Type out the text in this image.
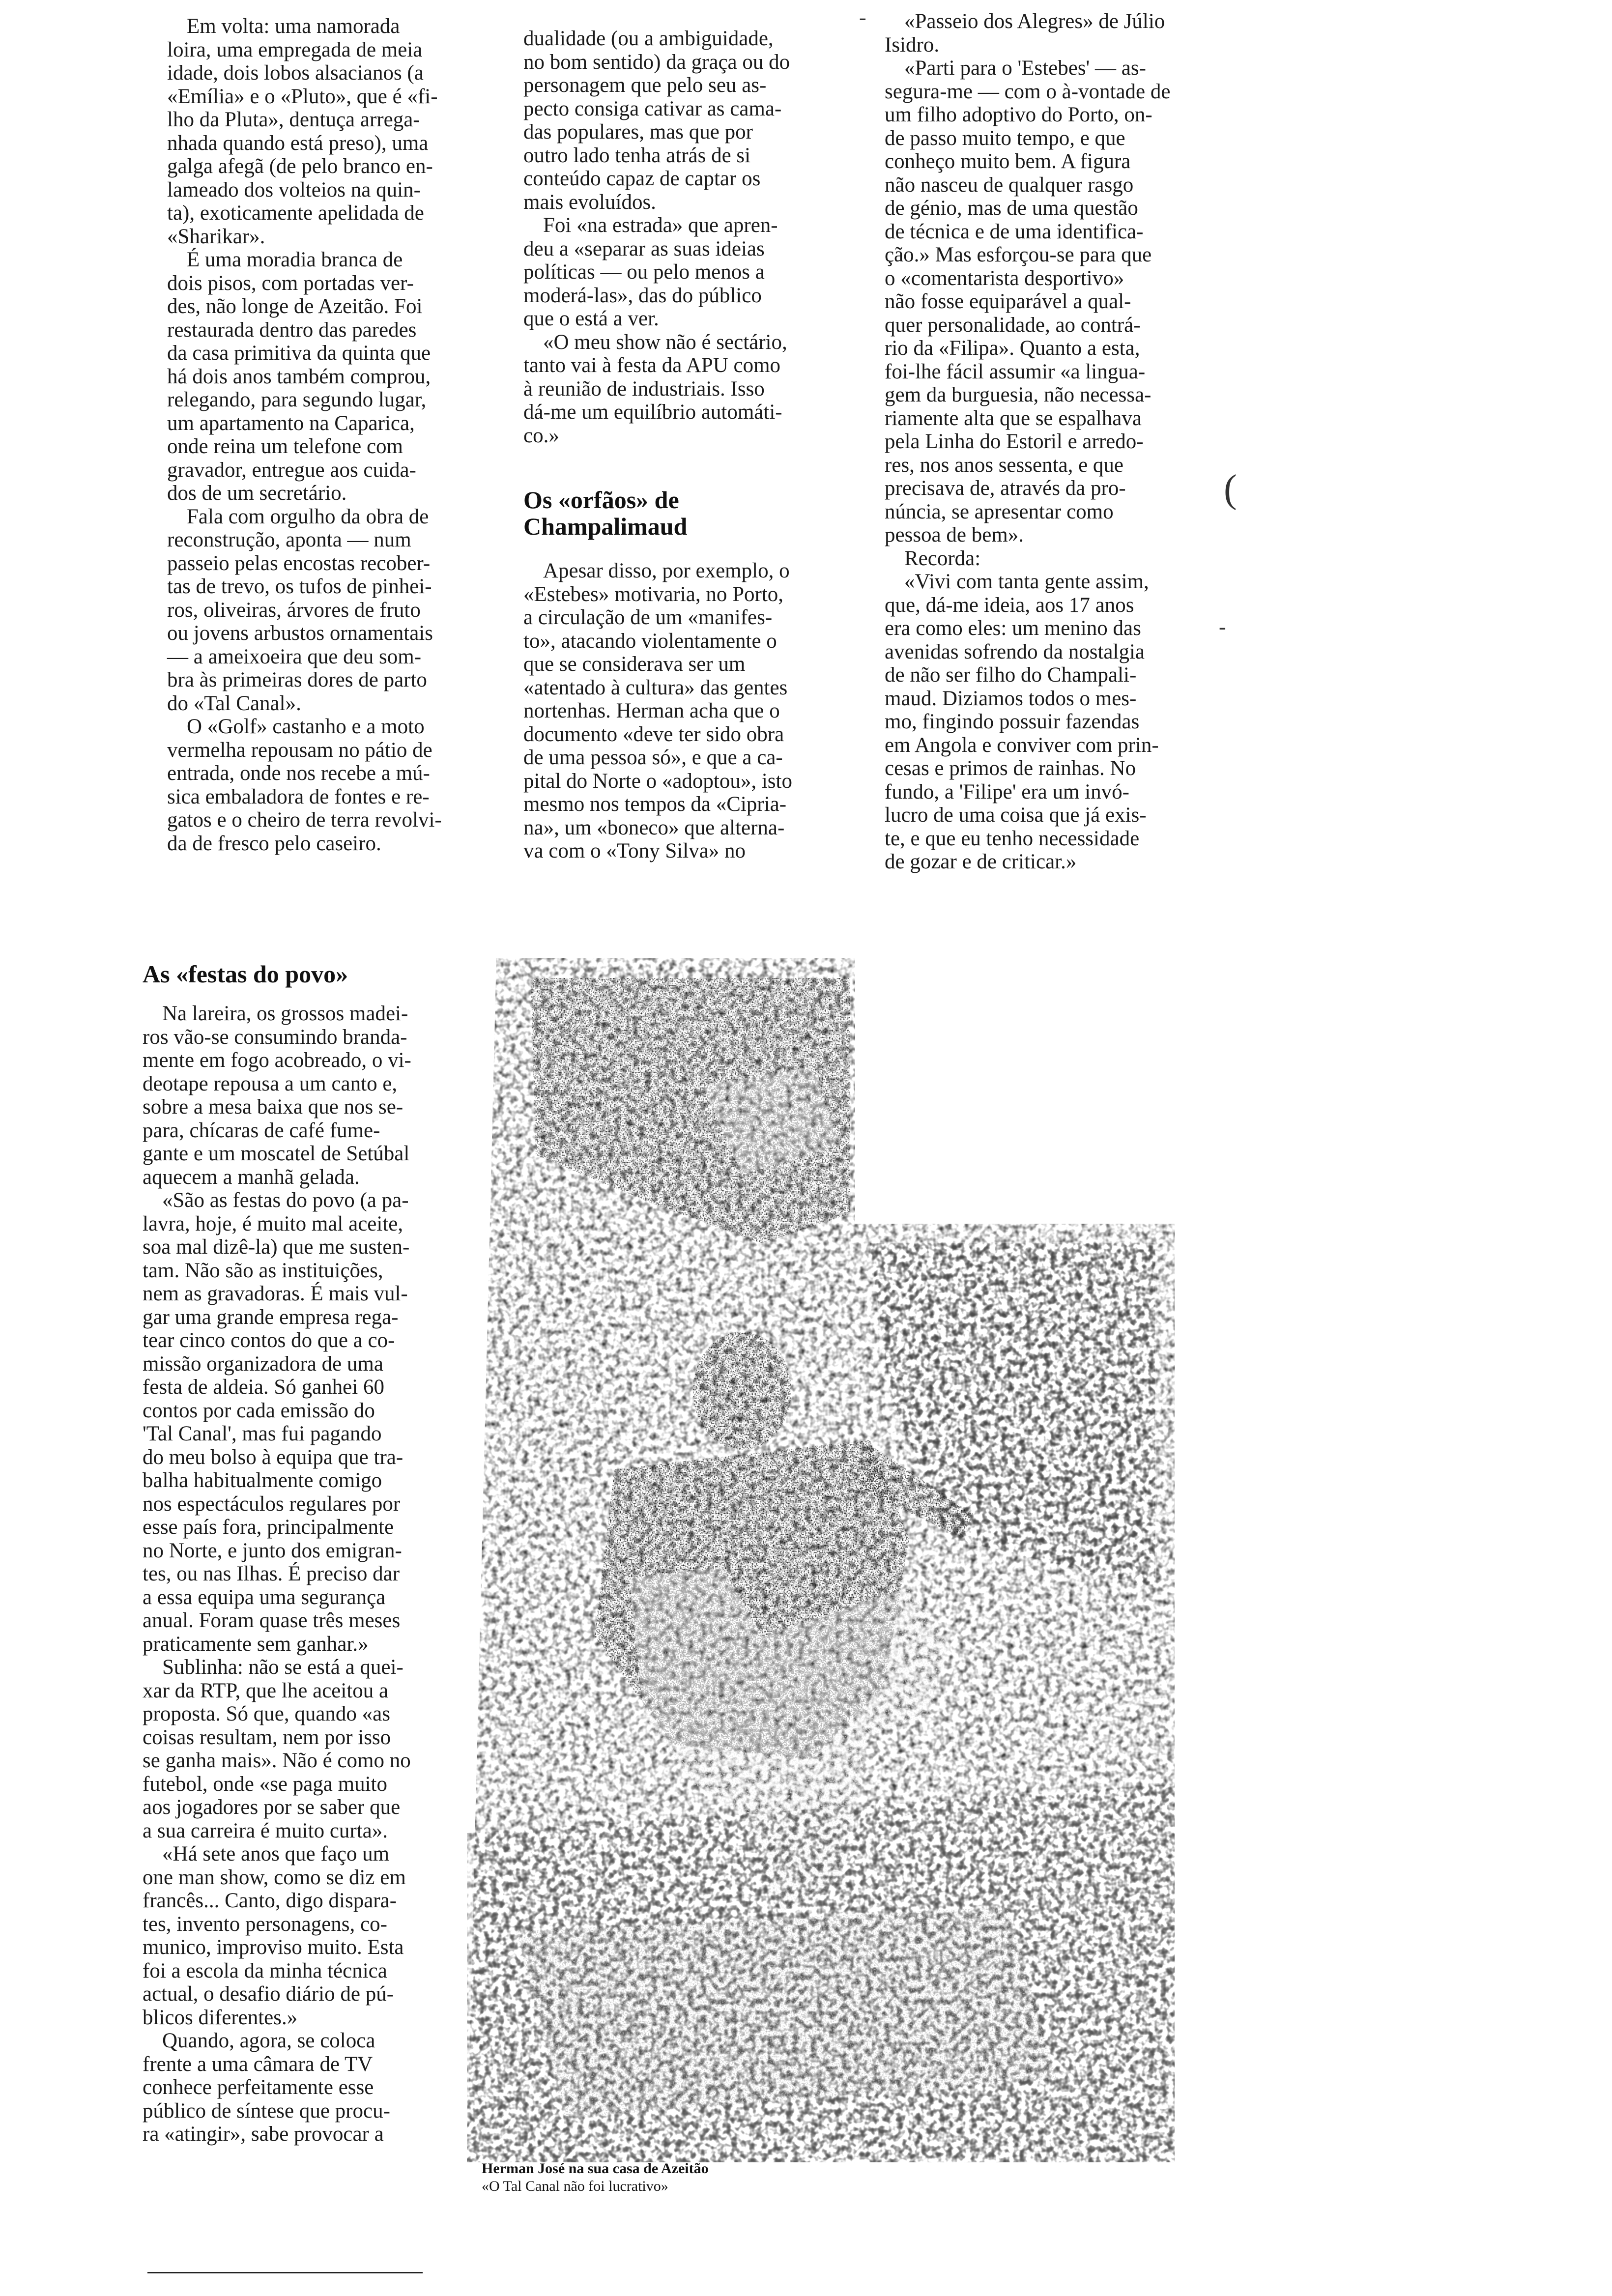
Em volta: uma namorada
loira, uma empregada de meia
idade, dois lobos alsacianos (a
«Emília» e o «Pluto», que é «fi-
lho da Pluta», dentuça arrega-
nhada quando está preso), uma
galga afegã (de pelo branco en-
lameado dos volteios na quin-
ta), exoticamente apelidada de
«Sharikar».

É uma moradia branca de
dois pisos, com portadas ver-
des, não longe de Azeitão. Foi
restaurada dentro das paredes
da casa primitiva da quinta que
há dois anos também comprou,
relegando, para segundo lugar,
um apartamento na Caparica,
onde reina um telefone com
gravador, entregue aos cuida-
dos de um secretário.

Fala com orgulho da obra de
reconstrução, aponta — num
passeio pelas encostas recober-
tas de trevo, os tufos de pinhei-
ros, oliveiras, árvores de fruto
ou jovens arbustos ornamentais
— a ameixoeira que deu som-
bra às primeiras dores de parto
do «Tal Canal».

O «Golf» castanho e a moto
vermelha repousam no pátio de
entrada, onde nos recebe a mú-
sica embaladora de fontes e re-
gatos e o cheiro de terra revolvi-
da de fresco pelo caseiro.

As «festas do povo»

Na lareira, os grossos madei-
ros vão-se consumindo branda-
mente em fogo acobreado, o vi-
deotape repousa a um canto e,
sobre a mesa baixa que nos se-
para, chícaras de café fume-
gante e um moscatel de Setúbal
aquecem a manhã gelada.

«São as festas do povo (a pa-
lavra, hoje, é muito mal aceite,
soa mal dizê-la) que me susten-
tam. Não são as instituições,
nem as gravadoras. É mais vul-
gar uma grande empresa rega-
tear cinco contos do que a co-
missão organizadora de uma
festa de aldeia. Só ganhei 60
contos por cada emissão do
'Tal Canal', mas fui pagando
do meu bolso à equipa que tra-
balha habitualmente comigo
nos espectáculos regulares por
esse país fora, principalmente
no Norte, e junto dos emigran-
tes, ou nas Ilhas. É preciso dar
a essa equipa uma segurança
anual. Foram quase três meses
praticamente sem ganhar.»

Sublinha: não se está a quei-
xar da RTP, que lhe aceitou a
proposta. Só que, quando «as
coisas resultam, nem por isso
se ganha mais». Não é como no
futebol, onde «se paga muito
aos jogadores por se saber que
a sua carreira é muito curta».

«Há sete anos que faço um
one man show, como se diz em
francês... Canto, digo dispara-
tes, invento personagens, co-
munico, improviso muito. Esta
foi a escola da minha técnica
actual, o desafio diário de pú-
blicos diferentes.»

Quando, agora, se coloca
frente a uma câmara de TV
conhece perfeitamente esse
público de síntese que procu-
ra «atingir», sabe provocar a

dualidade (ou a ambiguidade,
no bom sentido) da graça ou do
personagem que pelo seu as-
pecto consiga cativar as cama-
das populares, mas que por
outro lado tenha atrás de si
conteúdo capaz de captar os
mais evoluídos.

Foi «na estrada» que apren-
deu a «separar as suas ideias
políticas — ou pelo menos a
moderá-las», das do público
que o está a ver.

«O meu show não é sectário,
tanto vai à festa da APU como
à reunião de industriais. Isso
dá-me um equilíbrio automáti-
co.»

Os «orfãos» de
Champalimaud

Apesar disso, por exemplo, o
«Estebes» motivaria, no Porto,
a circulação de um «manifes-
to», atacando violentamente o
que se considerava ser um
«atentado à cultura» das gentes
nortenhas. Herman acha que o
documento «deve ter sido obra
de uma pessoa só», e que a ca-
pital do Norte o «adoptou», isto
mesmo nos tempos da «Cipria-
na», um «boneco» que alterna-
va com o «Tony Silva» no

-	«Passeio dos Alegres» de Júlio
Isidro.

«Parti para o 'Estebes' — as-
segura-me — com o à-vontade de
um filho adoptivo do Porto, on-
de passo muito tempo, e que
conheço muito bem. A figura
não nasceu de qualquer rasgo
de génio, mas de uma questão
de técnica e de uma identifica-
ção.» Mas esforçou-se para que
o «comentarista desportivo»
não fosse equiparável a qual-
quer personalidade, ao contrá-
rio da «Filipa». Quanto a esta,
foi-lhe fácil assumir «a lingua-
gem da burguesia, não necessa-
riamente alta que se espalhava
pela Linha do Estoril e arredo-
res, nos anos sessenta, e que
precisava de, através da pro-
núncia, se apresentar como
pessoa de bem».

Recorda:

«Vivi com tanta gente assim,
que, dá-me ideia, aos 17 anos
era como eles: um menino das
avenidas sofrendo da nostalgia
de não ser filho do Champali-
maud. Diziamos todos o mes-
mo, fingindo possuir fazendas
em Angola e conviver com prin-
cesas e primos de rainhas. No
fundo, a 'Filipe' era um invó-
lucro de uma coisa que já exis-
te, e que eu tenho necessidade
de gozar e de criticar.»

(
-

Herman José na sua casa de Azeitão

«O Tal Canal não foi lucrativo»
